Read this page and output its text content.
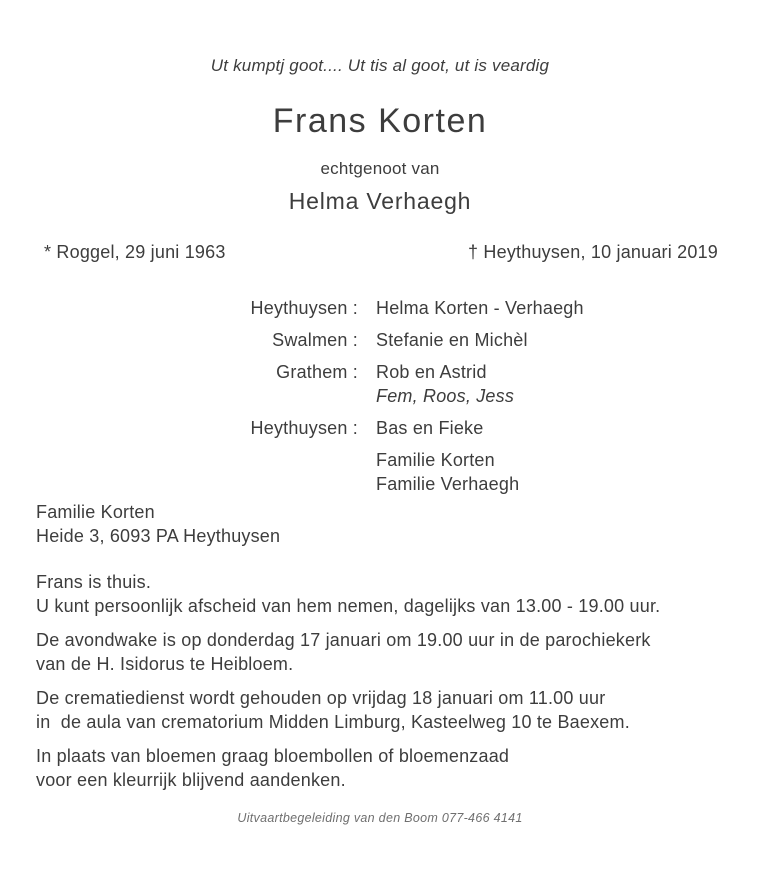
Ut kumptj goot.... Ut tis al goot, ut is veardig
Frans Korten
echtgenoot van
Helma Verhaegh
* Roggel, 29 juni 1963	† Heythuysen, 10 januari 2019
Heythuysen : Helma Korten - Verhaegh
Swalmen : Stefanie en Michèl
Grathem : Rob en Astrid
Fem, Roos, Jess
Heythuysen : Bas en Fieke
Familie Korten
Familie Verhaegh
Familie Korten
Heide 3, 6093 PA Heythuysen

Frans is thuis.

U kunt persoonlijk afscheid van hem nemen, dagelijks van 13.00 - 19.00 uur.

De avondwake is op donderdag 17 januari om 19.00 uur in de parochiekerk

van de H. Isidorus te Heibloem.

De crematiedienst wordt gehouden op vrijdag 18 januari om 11.00 uur

in  de aula van crematorium Midden Limburg, Kasteelweg 10 te Baexem.

In plaats van bloemen graag bloembollen of bloemenzaad

voor een kleurrijk blijvend aandenken.

Uitvaartbegeleiding van den Boom 077-466 4141
